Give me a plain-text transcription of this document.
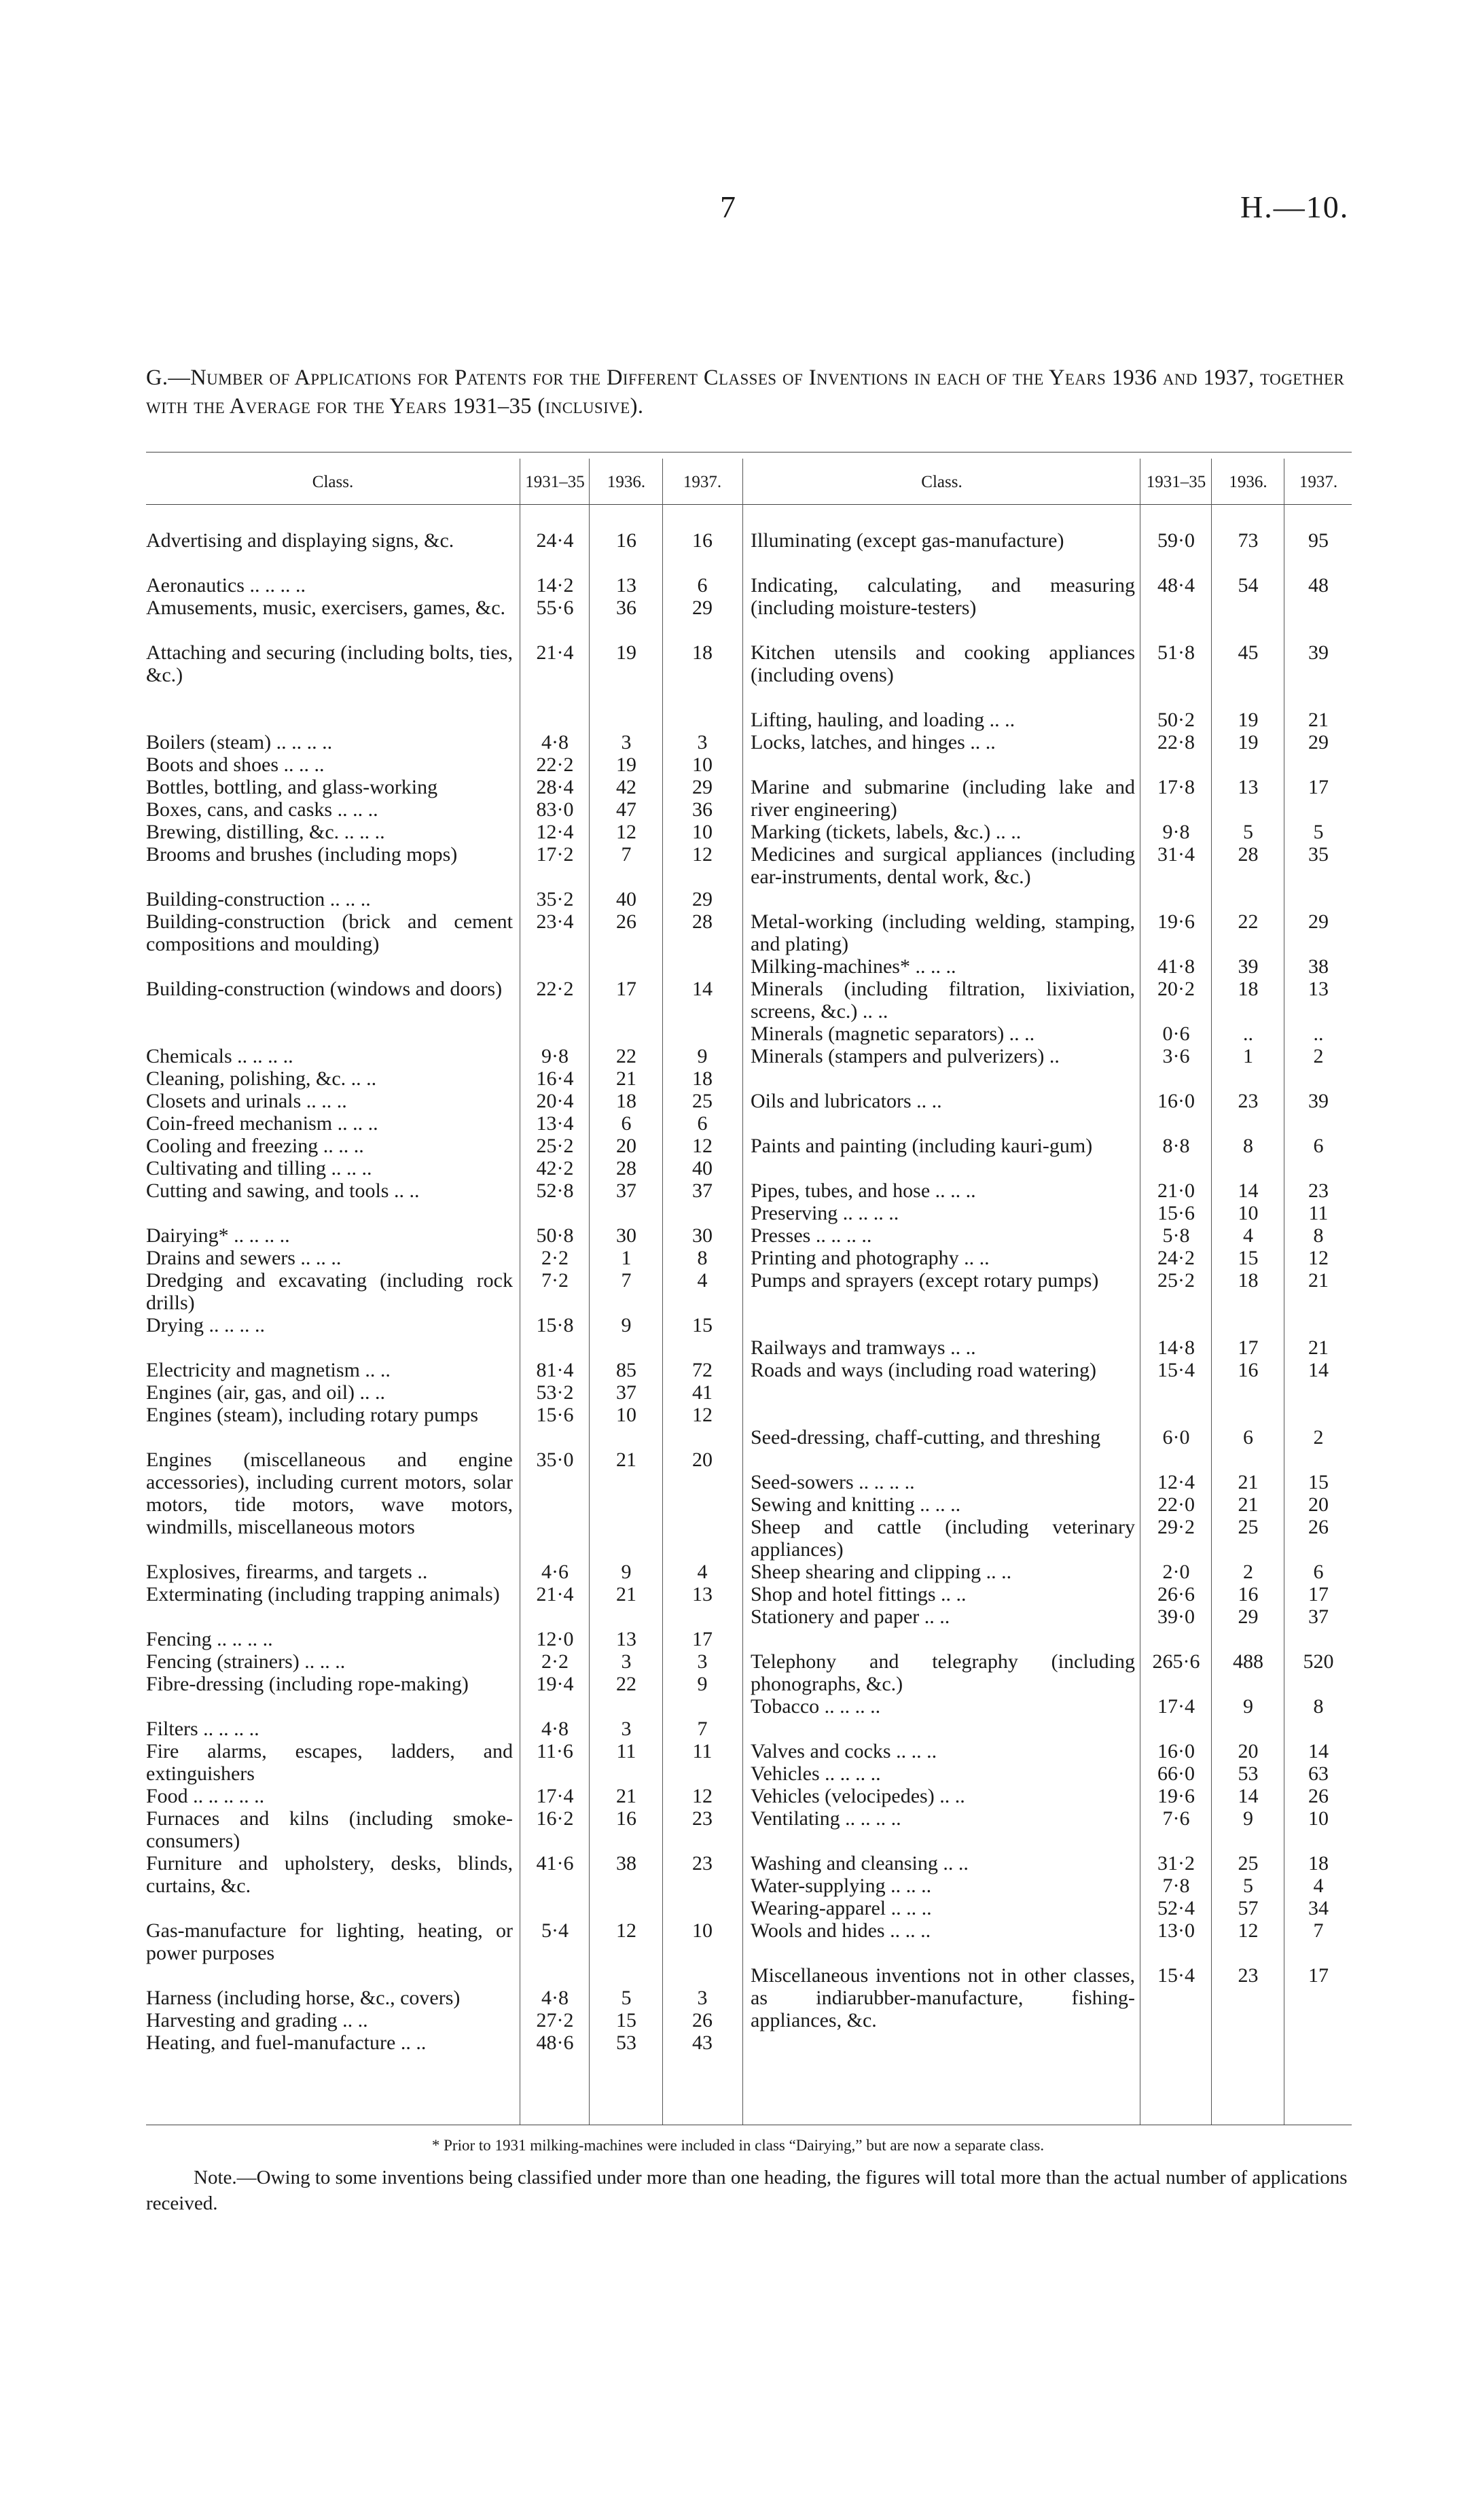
7	H.—10.
G.—Number of Applications for Patents for the Different Classes of Inventions in each of the Years 1936 and 1937, together with the Average for the Years 1931–35 (inclusive).
Class.	1931–35	1936.	1937.	Class.	1931–35	1936.	1937.
Advertising and displaying signs, &c.	24·4	16	16
Aeronautics .. .. .. ..	14·2	13	6
Amusements, music, exercisers, games, &c.	55·6	36	29
Attaching and securing (including bolts, ties, &c.)
21·4	19	18
Boilers (steam) .. .. .. ..	4·8	3	3
Boots and shoes .. .. ..	22·2	19	10
Bottles, bottling, and glass-working	28·4	42	29
Boxes, cans, and casks .. .. ..	83·0	47	36
Brewing, distilling, &c. .. .. ..	12·4	12	10
Brooms and brushes (including mops)	17·2	7	12
Building-construction .. .. ..	35·2	40	29
Building-construction (brick and cement compositions and moulding)
23·4	26	28
Building-construction (windows and doors)	22·2	17	14
Chemicals .. .. .. ..	9·8	22	9
Cleaning, polishing, &c. .. ..	16·4	21	18
Closets and urinals .. .. ..	20·4	18	25
Coin-freed mechanism .. .. ..	13·4	6	6
Cooling and freezing .. .. ..	25·2	20	12
Cultivating and tilling .. .. ..	42·2	28	40
Cutting and sawing, and tools .. ..	52·8	37	37
Dairying* .. .. .. ..	50·8	30	30
Drains and sewers .. .. ..	2·2	1	8
Dredging and excavating (including rock drills)
7·2	7	4
Drying .. .. .. ..	15·8	9	15
Electricity and magnetism .. ..	81·4	85	72
Engines (air, gas, and oil) .. ..	53·2	37	41
Engines (steam), including rotary pumps	15·6	10	12
Engines (miscellaneous and engine accessories), including current motors, solar motors, tide motors, wave motors, windmills, miscellaneous motors
35·0	21	20
Explosives, firearms, and targets ..	4·6	9	4
Exterminating (including trapping animals)	21·4	21	13
Fencing .. .. .. ..	12·0	13	17
Fencing (strainers) .. .. ..	2·2	3	3
Fibre-dressing (including rope-making)	19·4	22	9
Filters .. .. .. ..	4·8	3	7
Fire alarms, escapes, ladders, and extinguishers
11·6	11	11
Food .. .. .. .. ..	17·4	21	12
Furnaces and kilns (including smoke-consumers)
16·2	16	23
Furniture and upholstery, desks, blinds, curtains, &c.
41·6	38	23
Gas-manufacture for lighting, heating, or power purposes
5·4	12	10
Harness (including horse, &c., covers)	4·8	5	3
Harvesting and grading .. ..	27·2	15	26
Heating, and fuel-manufacture .. ..	48·6	53	43
Illuminating (except gas-manufacture)	59·0	73	95
Indicating, calculating, and measuring (including moisture-testers)
48·4	54	48
Kitchen utensils and cooking appliances (including ovens)
51·8	45	39
Lifting, hauling, and loading .. ..	50·2	19	21
Locks, latches, and hinges .. ..	22·8	19	29
Marine and submarine (including lake and river engineering)
17·8	13	17
Marking (tickets, labels, &c.) .. ..	9·8	5	5
Medicines and surgical appliances (including ear-instruments, dental work, &c.)
31·4	28	35
Metal-working (including welding, stamping, and plating)
19·6	22	29
Milking-machines* .. .. ..	41·8	39	38
Minerals (including filtration, lixiviation, screens, &c.) .. ..
20·2	18	13
Minerals (magnetic separators) .. ..	0·6	..	..
Minerals (stampers and pulverizers) ..	3·6	1	2
Oils and lubricators .. ..	16·0	23	39
Paints and painting (including kauri-gum)	8·8	8	6
Pipes, tubes, and hose .. .. ..	21·0	14	23
Preserving .. .. .. ..	15·6	10	11
Presses .. .. .. ..	5·8	4	8
Printing and photography .. ..	24·2	15	12
Pumps and sprayers (except rotary pumps)	25·2	18	21
Railways and tramways .. ..	14·8	17	21
Roads and ways (including road watering)	15·4	16	14
Seed-dressing, chaff-cutting, and threshing	6·0	6	2
Seed-sowers .. .. .. ..	12·4	21	15
Sewing and knitting .. .. ..	22·0	21	20
Sheep and cattle (including veterinary appliances)
29·2	25	26
Sheep shearing and clipping .. ..	2·0	2	6
Shop and hotel fittings .. ..	26·6	16	17
Stationery and paper .. ..	39·0	29	37
Telephony and telegraphy (including phonographs, &c.)
265·6	488	520
Tobacco .. .. .. ..	17·4	9	8
Valves and cocks .. .. ..	16·0	20	14
Vehicles .. .. .. ..	66·0	53	63
Vehicles (velocipedes) .. ..	19·6	14	26
Ventilating .. .. .. ..	7·6	9	10
Washing and cleansing .. ..	31·2	25	18
Water-supplying .. .. ..	7·8	5	4
Wearing-apparel .. .. ..	52·4	57	34
Wools and hides .. .. ..	13·0	12	7
Miscellaneous inventions not in other classes, as indiarubber-manufacture, fishing-appliances, &c.
15·4	23	17
* Prior to 1931 milking-machines were included in class “Dairying,” but are now a separate class.
Note.—Owing to some inventions being classified under more than one heading, the figures will total more than the actual number of applications received.
